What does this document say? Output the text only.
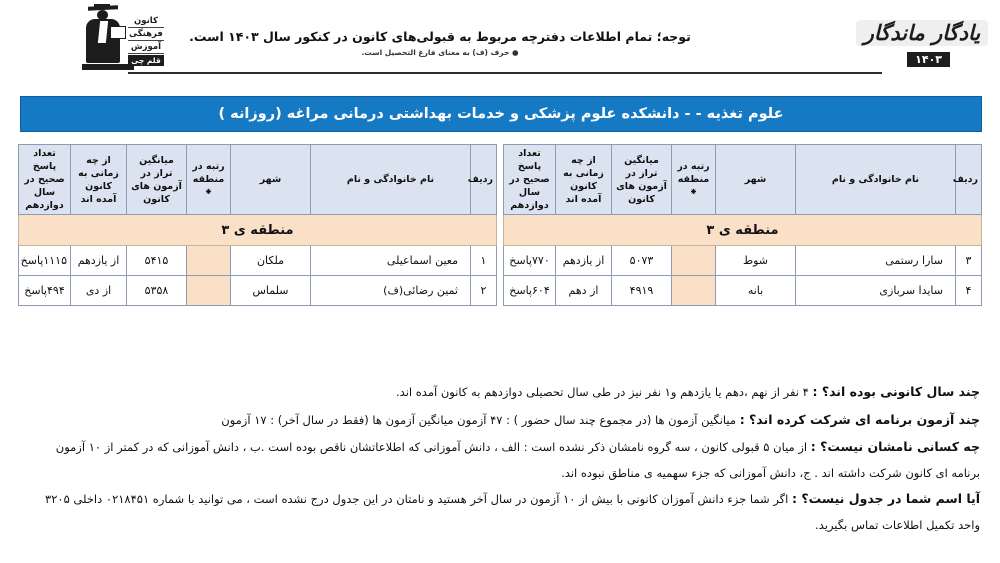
کانون
فرهنگی
آموزش
قلم چی
توجه؛ تمام اطلاعات دفترچه مربوط به قبولی‌های کانون در کنکور سال ۱۴۰۳ است.
● حرف (ف) به معنای فارغ التحصیل است.
یادگار ماندگار
۱۴۰۳
علوم تغذیه - - دانشکده علوم پزشکی و خدمات بهداشتی درمانی مراغه (روزانه )
ردیف	نام خانوادگی و نام	شهر	رتبه در منطقه ⁕	میانگین تراز در آزمون های کانون	از چه زمانی به کانون آمده اند	تعداد پاسخ صحیح در سال دوازدهم
منطقه ی ۳						
۱	معین اسماعیلی	ملکان		۵۴۱۵	از یازدهم	۱۱۱۵پاسخ
۲	ثمین رضائی(ف)	سلماس		۵۳۵۸	از دی	۴۹۴پاسخ
ردیف	نام خانوادگی و نام	شهر	رتبه در منطقه ⁕	میانگین تراز در آزمون های کانون	از چه زمانی به کانون آمده اند	تعداد پاسخ صحیح در سال دوازدهم
منطقه ی ۳						
۳	سارا رستمی	شوط		۵۰۷۳	از یازدهم	۷۷۰پاسخ
۴	سایدا سربازی	بانه		۴۹۱۹	از دهم	۶۰۴پاسخ
چند سال کانونی بوده اند؟ : ۴ نفر از نهم ،دهم یا یازدهم و۱ نفر نیز در طی سال تحصیلی دوازدهم به کانون آمده اند.
چند آزمون برنامه ای شرکت کرده اند؟ : میانگین آزمون ها (در مجموع چند سال حضور ) : ۴۷ آزمون میانگین آزمون ها (فقط در سال آخر) : ۱۷ آزمون
چه کسانی نامشان نیست؟ : از میان ۵ قبولی کانون ، سه گروه نامشان ذکر نشده است : الف ، دانش آموزانی که اطلاعاتشان ناقص بوده است .ب ، دانش آموزانی که در کمتر از ۱۰ آزمون برنامه ای کانون شرکت داشته اند . ج، دانش آموزانی که جزء سهمیه ی مناطق نبوده اند.
آیا اسم شما در جدول نیست؟ : اگر شما جزء دانش آموزان کانونی با بیش از ۱۰ آزمون در سال آخر هستید و نامتان در این جدول درج نشده است ، می توانید با شماره ۰۲۱۸۴۵۱ داخلی ۳۲۰۵ واحد تکمیل اطلاعات تماس بگیرید.
